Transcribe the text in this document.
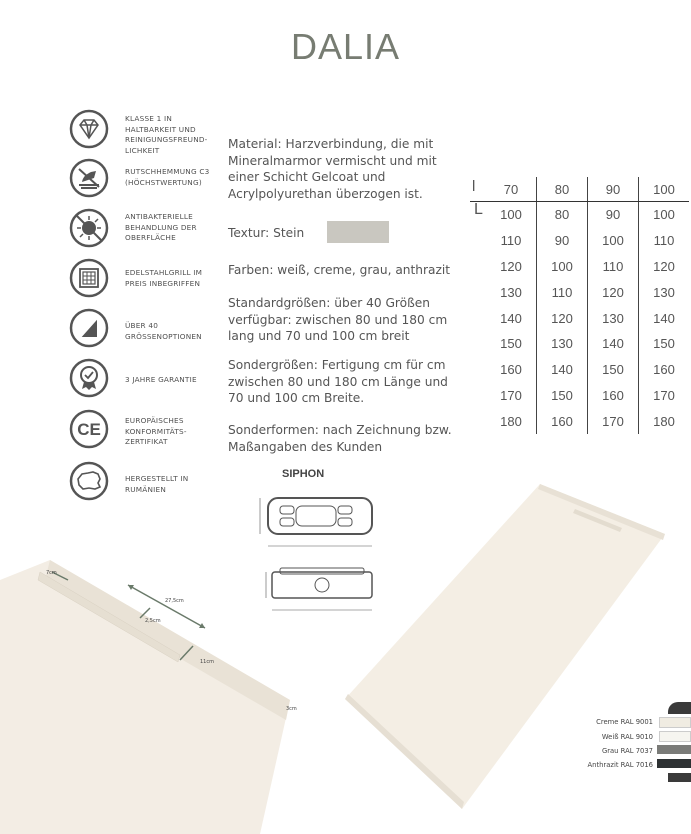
DALIA
KLASSE 1 IN HALTBARKEIT UND REINIGUNGSFREUND-LICHKEIT
RUTSCHHEMMUNG C3 (HÖCHSTWERTUNG)
ANTIBAKTERIELLE BEHANDLUNG DER OBERFLÄCHE
EDELSTAHLGRILL IM PREIS INBEGRIFFEN
ÜBER 40 GRÖSSENOPTIONEN
3 JAHRE GARANTIE
CE	EUROPÄISCHES KONFORMITÄTS-ZERTIFIKAT
HERGESTELLT IN RUMÄNIEN
Material: Harzverbindung, die mit Mineralmarmor vermischt und mit einer Schicht Gelcoat und Acrylpolyurethan überzogen ist.
Textur: Stein
Farben: weiß, creme, grau, anthrazit
Standardgrößen: über 40 Größen verfügbar: zwischen 80 und 180 cm lang und 70 und 100 cm breit
Sondergrößen: Fertigung cm für cm zwischen 80 und 180 cm Länge und 70 und 100 cm Breite.
Sonderformen: nach Zeichnung bzw. Maßangaben des Kunden
l
L
	70	80	90	100
	100	80	90	100
	110	90	100	110
	120	100	110	120
	130	110	120	130
	140	120	130	140
	150	130	140	150
	160	140	150	160
	170	150	160	170
	180	160	170	180
SIPHON
7cm
27,5cm
2,5cm
11cm
3cm
Creme RAL 9001
Weiß RAL 9010
Grau RAL 7037
Anthrazit RAL 7016
